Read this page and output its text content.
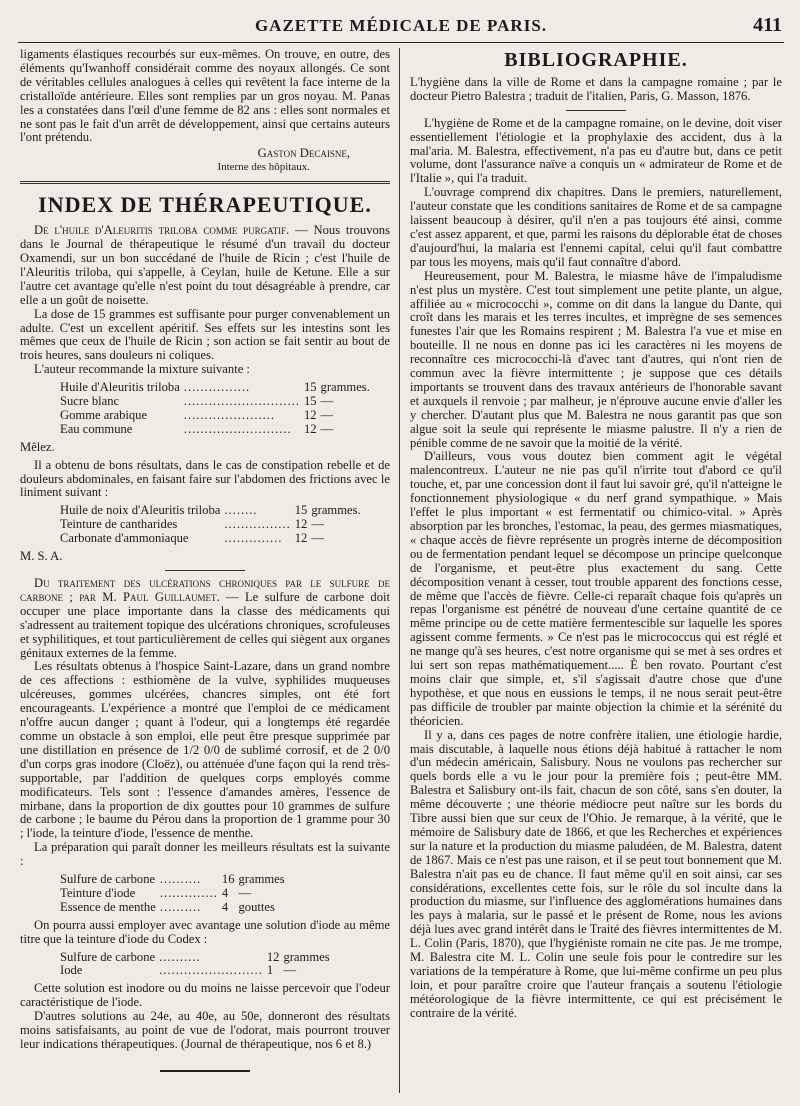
GAZETTE MÉDICALE DE PARIS.	411

ligaments élastiques recourbés sur eux-mêmes. On trouve, en outre, des éléments qu'Iwanhoff considérait comme des noyaux allongés. Ce sont de véritables cellules analogues à celles qui revêtent la face interne de la cristalloïde antérieure. Elles sont remplies par un gros noyau. M. Panas les a constatées dans l'œil d'une femme de 82 ans : elles sont normales et ne sont pas le fait d'un arrêt de développement, ainsi que certains auteurs l'ont prétendu.

Gaston Decaisne,
Interne des hôpitaux.
INDEX DE THÉRAPEUTIQUE.

De l'huile d'Aleuritis triloba comme purgatif. — Nous trouvons dans le Journal de thérapeutique le résumé d'un travail du docteur Oxamendi, sur un bon succédané de l'huile de Ricin ; c'est l'huile de l'Aleuritis triloba, qui s'appelle, à Ceylan, huile de Ketune. Elle a sur l'autre cet avantage qu'elle n'est point du tout désagréable à prendre, car elle a un goût de noisette.

La dose de 15 grammes est suffisante pour purger convenablement un adulte. C'est un excellent apéritif. Ses effets sur les intestins sont les mêmes que ceux de l'huile de Ricin ; son action se fait sentir au bout de trois heures, sans douleurs ni coliques.

L'auteur recommande la mixture suivante :

Huile d'Aleuritis triloba	................	15	grammes.
Sucre blanc	............................	15	—
Gomme arabique	......................	12	—
Eau commune	..........................	12	—

Mêlez.

Il a obtenu de bons résultats, dans le cas de constipation rebelle et de douleurs abdominales, en faisant faire sur l'abdomen des frictions avec le liniment suivant :

Huile de noix d'Aleuritis triloba	........	15	grammes.
Teinture de cantharides	................	12	—
Carbonate d'ammoniaque	..............	12	—

M. S. A.

Du traitement des ulcérations chroniques par le sulfure de carbone ; par M. Paul Guillaumet. — Le sulfure de carbone doit occuper une place importante dans la classe des médicaments qui s'adressent au traitement topique des ulcérations chroniques, scrofuleuses et syphilitiques, et tout particulièrement de celles qui siègent aux organes génitaux externes de la femme.

Les résultats obtenus à l'hospice Saint-Lazare, dans un grand nombre de ces affections : esthiomène de la vulve, syphilides muqueuses ulcéreuses, gommes ulcérées, chancres simples, ont été fort encourageants. L'expérience a montré que l'emploi de ce médicament n'offre aucun danger ; quant à l'odeur, qui a longtemps été regardée comme un obstacle à son emploi, elle peut être presque supprimée par une distillation en présence de 1/2 0/0 de sublimé corrosif, et de 2 0/0 d'un corps gras inodore (Cloëz), ou atténuée d'une façon qui la rend très-supportable, par l'addition de quelques corps employés comme modificateurs. Tels sont : l'essence d'amandes amères, l'essence de mirbane, dans la proportion de dix gouttes pour 10 grammes de sulfure de carbone ; le baume du Pérou dans la proportion de 1 gramme pour 30 ; l'iode, la teinture d'iode, l'essence de menthe.

La préparation qui paraît donner les meilleurs résultats est la suivante :

Sulfure de carbone	..........	16	grammes
Teinture d'iode	..............	4	—
Essence de menthe	..........	4	gouttes

On pourra aussi employer avec avantage une solution d'iode au même titre que la teinture d'iode du Codex :

Sulfure de carbone	..........	12	grammes
Iode	.........................	1	—

Cette solution est inodore ou du moins ne laisse percevoir que l'odeur caractéristique de l'iode.

D'autres solutions au 24e, au 40e, au 50e, donneront des résultats moins satisfaisants, au point de vue de l'odorat, mais pourront trouver leur indications thérapeutiques. (Journal de thérapeutique, nos 6 et 8.)

BIBLIOGRAPHIE.

L'hygiène dans la ville de Rome et dans la campagne romaine ; par le docteur Pietro Balestra ; traduit de l'italien, Paris, G. Masson, 1876.

L'hygiène de Rome et de la campagne romaine, on le devine, doit viser essentiellement l'étiologie et la prophylaxie des accident, dus à la mal'aria. M. Balestra, effectivement, n'a pas eu d'autre but, dans ce petit volume, dont l'assurance naïve a conquis un « admirateur de Rome et de l'Italie », qui l'a traduit.

L'ouvrage comprend dix chapitres. Dans le premiers, naturellement, l'auteur constate que les conditions sanitaires de Rome et de sa campagne laissent beaucoup à désirer, qu'il n'en a pas toujours été ainsi, comme c'est assez apparent, et que, parmi les raisons du déplorable état de choses d'aujourd'hui, la malaria est l'ennemi capital, celui qu'il faut combattre par tous les moyens, mais qu'il faut connaître d'abord.

Heureusement, pour M. Balestra, le miasme hâve de l'impaludisme n'est plus un mystère. C'est tout simplement une petite plante, un algue, affiliée au « micrococchi », comme on dit dans la langue du Dante, qui croît dans les marais et les terres incultes, et imprègne de ses semences funestes l'air que les Romains respirent ; M. Balestra l'a vue et mise en bouteille. Il ne nous en donne pas ici les caractères ni les moyens de reconnaître ces micrococchi-là d'avec tant d'autres, qui n'ont rien de commun avec la fièvre intermittente ; je suppose que ces détails importants se trouvent dans des travaux antérieurs de l'honorable savant et auxquels il renvoie ; par malheur, je n'éprouve aucune envie d'aller les y chercher. D'autant plus que M. Balestra ne nous garantit pas que son algue soit la seule qui représente le miasme palustre. Il n'y a rien de pénible comme de ne savoir que la moitié de la vérité.

D'ailleurs, vous vous doutez bien comment agit le végétal malencontreux. L'auteur ne nie pas qu'il n'irrite tout d'abord ce qu'il touche, et, par une concession dont il faut lui savoir gré, qu'il n'atteigne le fonctionnement physiologique « du nerf grand sympathique. » Mais l'effet le plus important « est fermentatif ou chimico-vital. » Après absorption par les bronches, l'estomac, la peau, des germes miasmatiques, « chaque accès de fièvre représente un progrès interne de décomposition ou de fermentation pendant lequel se décompose un principe quelconque de l'organisme, et peut-être plus exactement du sang. Cette décomposition venant à cesser, tout trouble apparent des fonctions cesse, de même que l'accès de fièvre. Celle-ci reparaît chaque fois qu'après un repas l'organisme est pénétré de nouveau d'une certaine quantité de ce même principe ou de cette matière fermentescible sur laquelle les spores agissent comme ferments. » Ce n'est pas le micrococcus qui est réglé et ne mange qu'à ses heures, c'est notre organisme qui se met à ses ordres et lui sert son repas mathématiquement..... È ben rovato. Pourtant c'est moins clair que simple, et, s'il s'agissait d'autre chose que d'une hypothèse, et que nous en eussions le temps, il ne nous serait peut-être pas difficile de troubler par mainte objection la chimie et la sérénité du théoricien.

Il y a, dans ces pages de notre confrère italien, une étiologie hardie, mais discutable, à laquelle nous étions déjà habitué à rattacher le nom d'un médecin américain, Salisbury. Nous ne voulons pas rechercher sur quels bords elle a vu le jour pour la première fois ; peut-être MM. Balestra et Salisbury ont-ils fait, chacun de son côté, sans s'en douter, la même découverte ; une théorie médiocre peut naître sur les bords du Tibre aussi bien que sur ceux de l'Ohio. Je remarque, à la vérité, que le mémoire de Salisbury date de 1866, et que les Recherches et expériences sur la nature et la production du miasme paludéen, de M. Balestra, datent de 1867. Mais ce n'est pas une raison, et il se peut tout bonnement que M. Balestra n'ait pas eu de chance. Il faut même qu'il en soit ainsi, car ses considérations, excellentes cette fois, sur le rôle du sol inculte dans la production du miasme, sur l'influence des agglomérations humaines dans les pays à malaria, sur le passé et le présent de Rome, nous les avions déjà lues avec grand intérêt dans le Traité des fièvres intermittentes de M. L. Colin (Paris, 1870), que l'hygiéniste romain ne cite pas. Je me trompe, M. Balestra cite M. L. Colin une seule fois pour le contredire sur les variations de la température à Rome, que lui-même confirme un peu plus loin, et pour paraître croire que l'auteur français a soutenu l'étiologie météorologique de la fièvre intermittente, ce qui est précisément le contraire de la vérité.
